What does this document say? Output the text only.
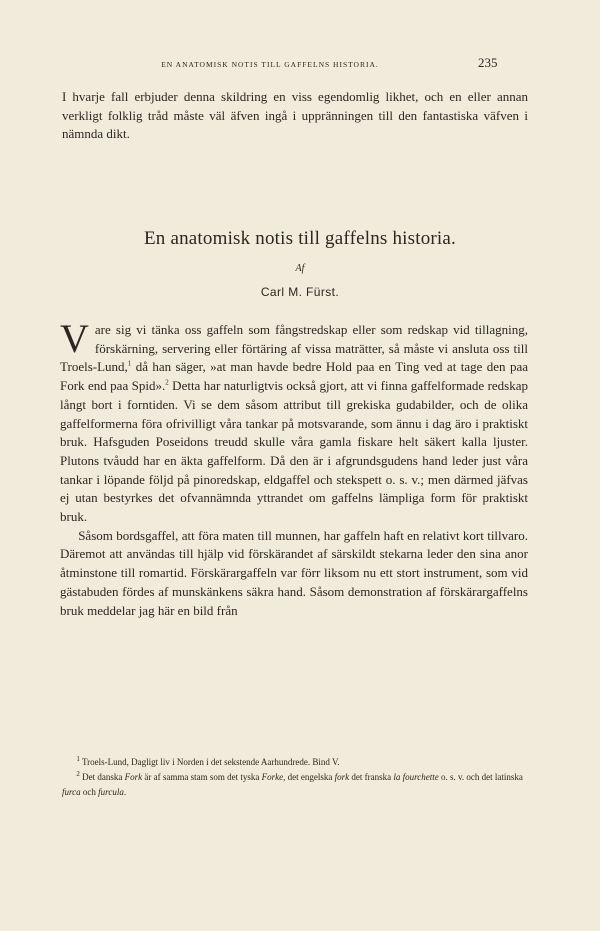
EN ANATOMISK NOTIS TILL GAFFELNS HISTORIA.	235

I hvarje fall erbjuder denna skildring en viss egendomlig likhet, och en eller annan verkligt folklig tråd måste väl äfven ingå i uppränningen till den fantastiska väfven i nämnda dikt.

En anatomisk notis till gaffelns historia.
Af
Carl M. Fürst.

Vare sig vi tänka oss gaffeln som fångstredskap eller som redskap vid tillagning, förskärning, servering eller förtäring af vissa maträtter, så måste vi ansluta oss till Troels-Lund,$^1$ då han säger, »at man havde bedre Hold paa en Ting ved at tage den paa Fork end paa Spid».$^2$ Detta har naturligtvis också gjort, att vi finna gaffelformade redskap långt bort i forntiden. Vi se dem såsom attribut till grekiska gudabilder, och de olika gaffelformerna föra ofrivilligt våra tankar på motsvarande, som ännu i dag äro i praktiskt bruk. Hafsguden Poseidons treudd skulle våra gamla fiskare helt säkert kalla ljuster. Plutons tvåudd har en äkta gaffelform. Då den är i afgrundsgudens hand leder just våra tankar i löpande följd på pinoredskap, eldgaffel och stekspett o. s. v.; men därmed jäfvas ej utan bestyrkes det ofvannämnda yttrandet om gaffelns lämpliga form för praktiskt bruk.

Såsom bordsgaffel, att föra maten till munnen, har gaffeln haft en relativt kort tillvaro. Däremot att användas till hjälp vid förskärandet af särskildt stekarna leder den sina anor åtminstone till romartid. Förskärargaffeln var förr liksom nu ett stort instrument, som vid gästabuden fördes af munskänkens säkra hand. Såsom demonstration af förskärargaffelns bruk meddelar jag här en bild från

$^1$ Troels-Lund, Dagligt liv i Norden i det sekstende Aarhundrede. Bind V.

$^2$ Det danska Fork är af samma stam som det tyska Forke, det engelska fork det franska la fourchette o. s. v. och det latinska furca och furcula.
